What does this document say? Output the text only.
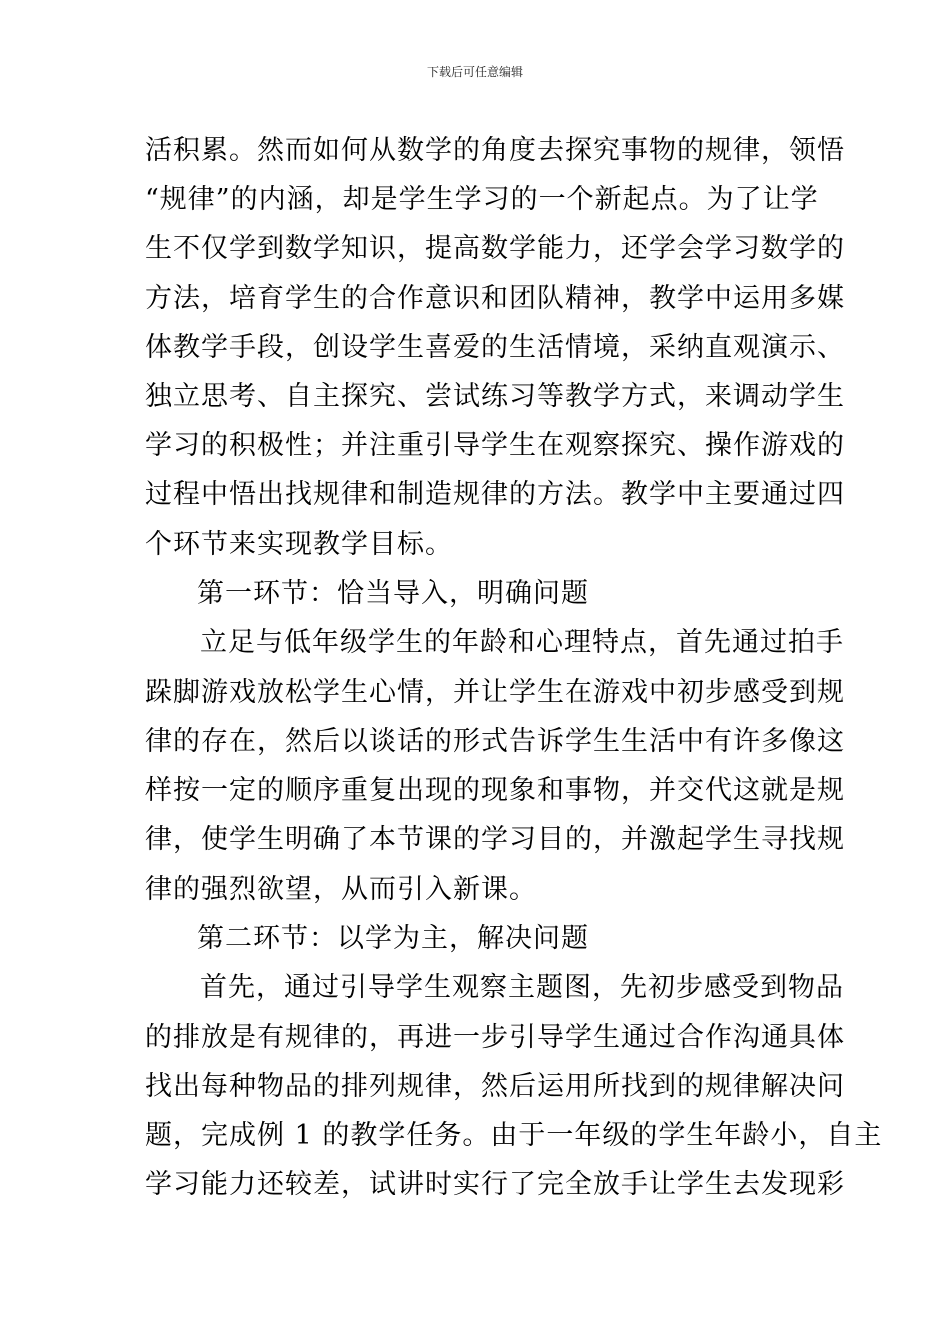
下载后可任意编辑
活积累。然而如何从数学的角度去探究事物的规律，领悟
“规律”的内涵，却是学生学习的一个新起点。为了让学
生不仅学到数学知识，提高数学能力，还学会学习数学的
方法，培育学生的合作意识和团队精神，教学中运用多媒
体教学手段，创设学生喜爱的生活情境，采纳直观演示、
独立思考、自主探究、尝试练习等教学方式，来调动学生
学习的积极性；并注重引导学生在观察探究、操作游戏的
过程中悟出找规律和制造规律的方法。教学中主要通过四
个环节来实现教学目标。
第一环节：恰当导入，明确问题
立足与低年级学生的年龄和心理特点，首先通过拍手
跺脚游戏放松学生心情，并让学生在游戏中初步感受到规
律的存在，然后以谈话的形式告诉学生生活中有许多像这
样按一定的顺序重复出现的现象和事物，并交代这就是规
律，使学生明确了本节课的学习目的，并激起学生寻找规
律的强烈欲望，从而引入新课。
第二环节：以学为主，解决问题
首先，通过引导学生观察主题图，先初步感受到物品
的排放是有规律的，再进一步引导学生通过合作沟通具体
找出每种物品的排列规律，然后运用所找到的规律解决问
题，完成例 1 的教学任务。由于一年级的学生年龄小，自主
学习能力还较差，试讲时实行了完全放手让学生去发现彩
